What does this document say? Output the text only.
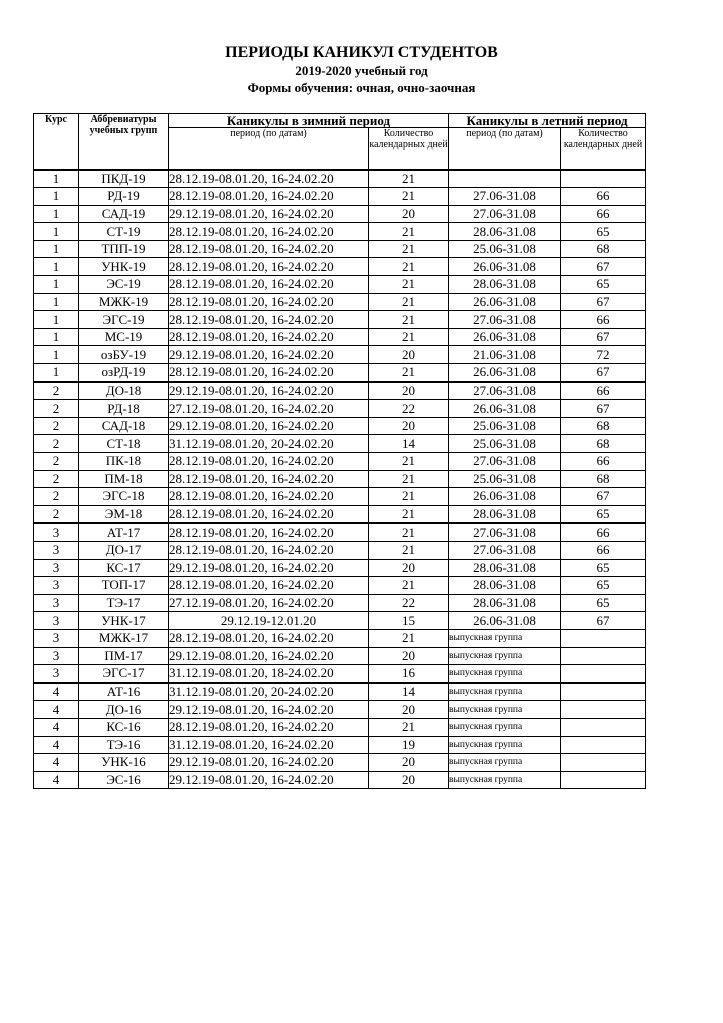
ПЕРИОДЫ КАНИКУЛ СТУДЕНТОВ
2019-2020 учебный год
Формы обучения: очная, очно-заочная
Курс	Аббревиатуры учебных групп	Каникулы в зимний период		Каникулы в летний период	
		период (по датам)	Количество календарных дней	период (по датам)	Количество календарных дней
1	ПКД-19	28.12.19-08.01.20, 16-24.02.20	21		
1	РД-19	28.12.19-08.01.20, 16-24.02.20	21	27.06-31.08	66
1	САД-19	29.12.19-08.01.20, 16-24.02.20	20	27.06-31.08	66
1	СТ-19	28.12.19-08.01.20, 16-24.02.20	21	28.06-31.08	65
1	ТПП-19	28.12.19-08.01.20, 16-24.02.20	21	25.06-31.08	68
1	УНК-19	28.12.19-08.01.20, 16-24.02.20	21	26.06-31.08	67
1	ЭС-19	28.12.19-08.01.20, 16-24.02.20	21	28.06-31.08	65
1	МЖК-19	28.12.19-08.01.20, 16-24.02.20	21	26.06-31.08	67
1	ЭГС-19	28.12.19-08.01.20, 16-24.02.20	21	27.06-31.08	66
1	МС-19	28.12.19-08.01.20, 16-24.02.20	21	26.06-31.08	67
1	озБУ-19	29.12.19-08.01.20, 16-24.02.20	20	21.06-31.08	72
1	озРД-19	28.12.19-08.01.20, 16-24.02.20	21	26.06-31.08	67
2	ДО-18	29.12.19-08.01.20, 16-24.02.20	20	27.06-31.08	66
2	РД-18	27.12.19-08.01.20, 16-24.02.20	22	26.06-31.08	67
2	САД-18	29.12.19-08.01.20, 16-24.02.20	20	25.06-31.08	68
2	СТ-18	31.12.19-08.01.20, 20-24.02.20	14	25.06-31.08	68
2	ПК-18	28.12.19-08.01.20, 16-24.02.20	21	27.06-31.08	66
2	ПМ-18	28.12.19-08.01.20, 16-24.02.20	21	25.06-31.08	68
2	ЭГС-18	28.12.19-08.01.20, 16-24.02.20	21	26.06-31.08	67
2	ЭМ-18	28.12.19-08.01.20, 16-24.02.20	21	28.06-31.08	65
3	АТ-17	28.12.19-08.01.20, 16-24.02.20	21	27.06-31.08	66
3	ДО-17	28.12.19-08.01.20, 16-24.02.20	21	27.06-31.08	66
3	КС-17	29.12.19-08.01.20, 16-24.02.20	20	28.06-31.08	65
3	ТОП-17	28.12.19-08.01.20, 16-24.02.20	21	28.06-31.08	65
3	ТЭ-17	27.12.19-08.01.20, 16-24.02.20	22	28.06-31.08	65
3	УНК-17	29.12.19-12.01.20	15	26.06-31.08	67
3	МЖК-17	28.12.19-08.01.20, 16-24.02.20	21	выпускная группа	
3	ПМ-17	29.12.19-08.01.20, 16-24.02.20	20	выпускная группа	
3	ЭГС-17	31.12.19-08.01.20, 18-24.02.20	16	выпускная группа	
4	АТ-16	31.12.19-08.01.20, 20-24.02.20	14	выпускная группа	
4	ДО-16	29.12.19-08.01.20, 16-24.02.20	20	выпускная группа	
4	КС-16	28.12.19-08.01.20, 16-24.02.20	21	выпускная группа	
4	ТЭ-16	31.12.19-08.01.20, 16-24.02.20	19	выпускная группа	
4	УНК-16	29.12.19-08.01.20, 16-24.02.20	20	выпускная группа	
4	ЭС-16	29.12.19-08.01.20, 16-24.02.20	20	выпускная группа	
